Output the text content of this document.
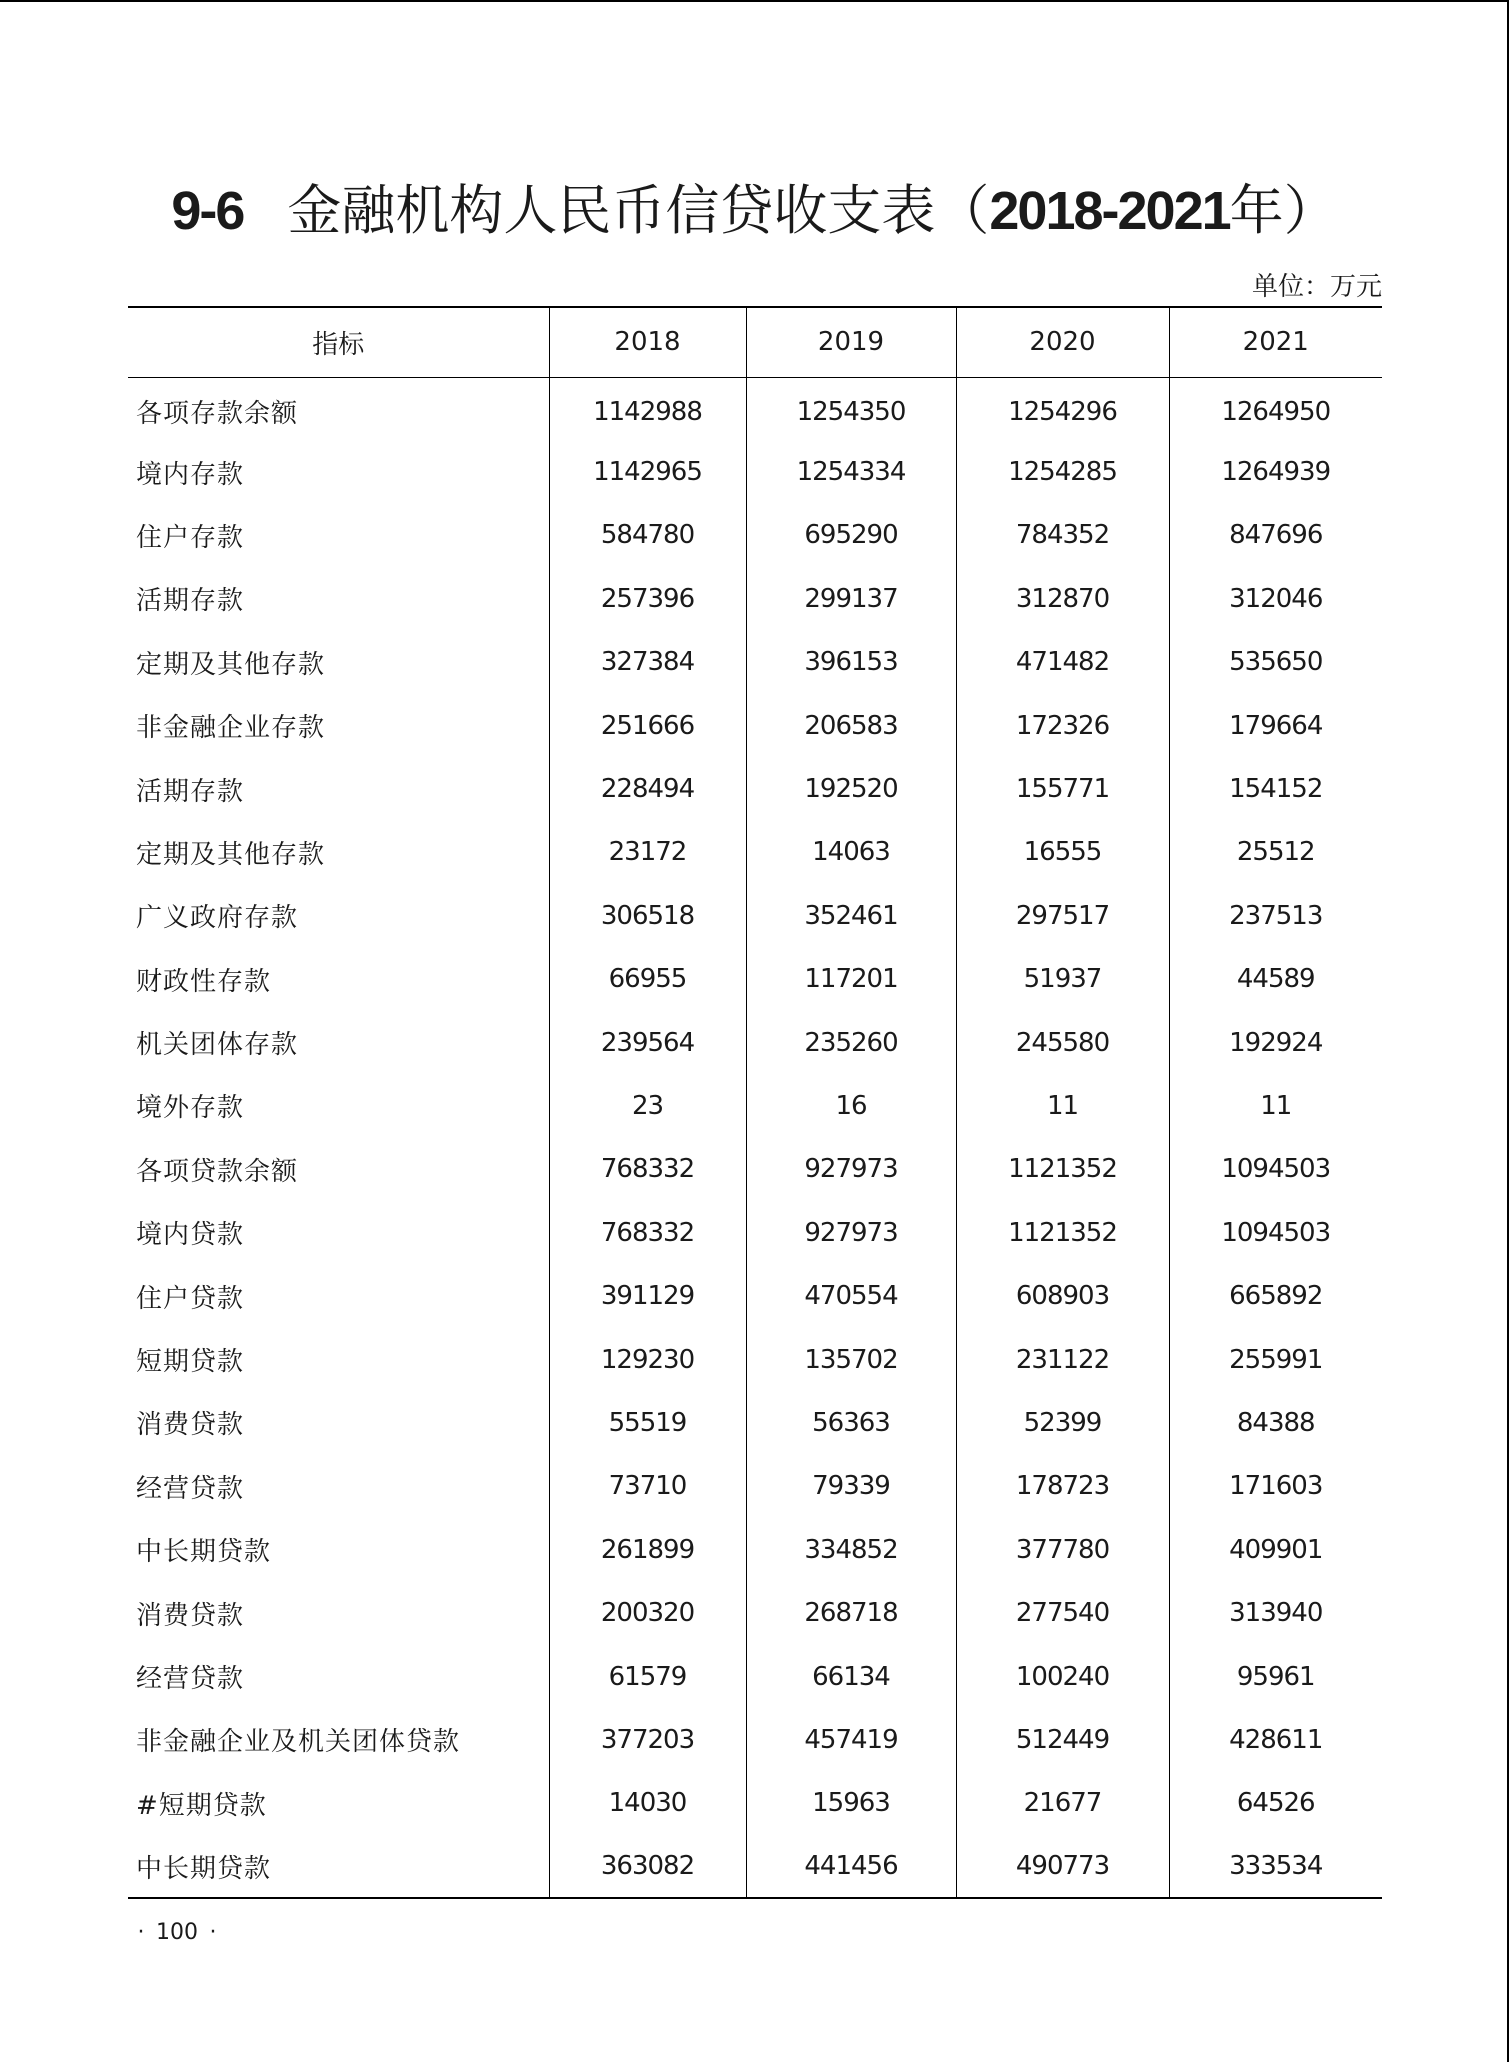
9-6 金融机构人民币信贷收支表（2018-2021年）
单位：万元
指标	2018	2019	2020	2021
各项存款余额	1142988	1254350	1254296	1264950
境内存款	1142965	1254334	1254285	1264939
住户存款	584780	695290	784352	847696
活期存款	257396	299137	312870	312046
定期及其他存款	327384	396153	471482	535650
非金融企业存款	251666	206583	172326	179664
活期存款	228494	192520	155771	154152
定期及其他存款	23172	14063	16555	25512
广义政府存款	306518	352461	297517	237513
财政性存款	66955	117201	51937	44589
机关团体存款	239564	235260	245580	192924
境外存款	23	16	11	11
各项贷款余额	768332	927973	1121352	1094503
境内贷款	768332	927973	1121352	1094503
住户贷款	391129	470554	608903	665892
短期贷款	129230	135702	231122	255991
消费贷款	55519	56363	52399	84388
经营贷款	73710	79339	178723	171603
中长期贷款	261899	334852	377780	409901
消费贷款	200320	268718	277540	313940
经营贷款	61579	66134	100240	95961
非金融企业及机关团体贷款	377203	457419	512449	428611
#短期贷款	14030	15963	21677	64526
中长期贷款	363082	441456	490773	333534
· 100 ·
